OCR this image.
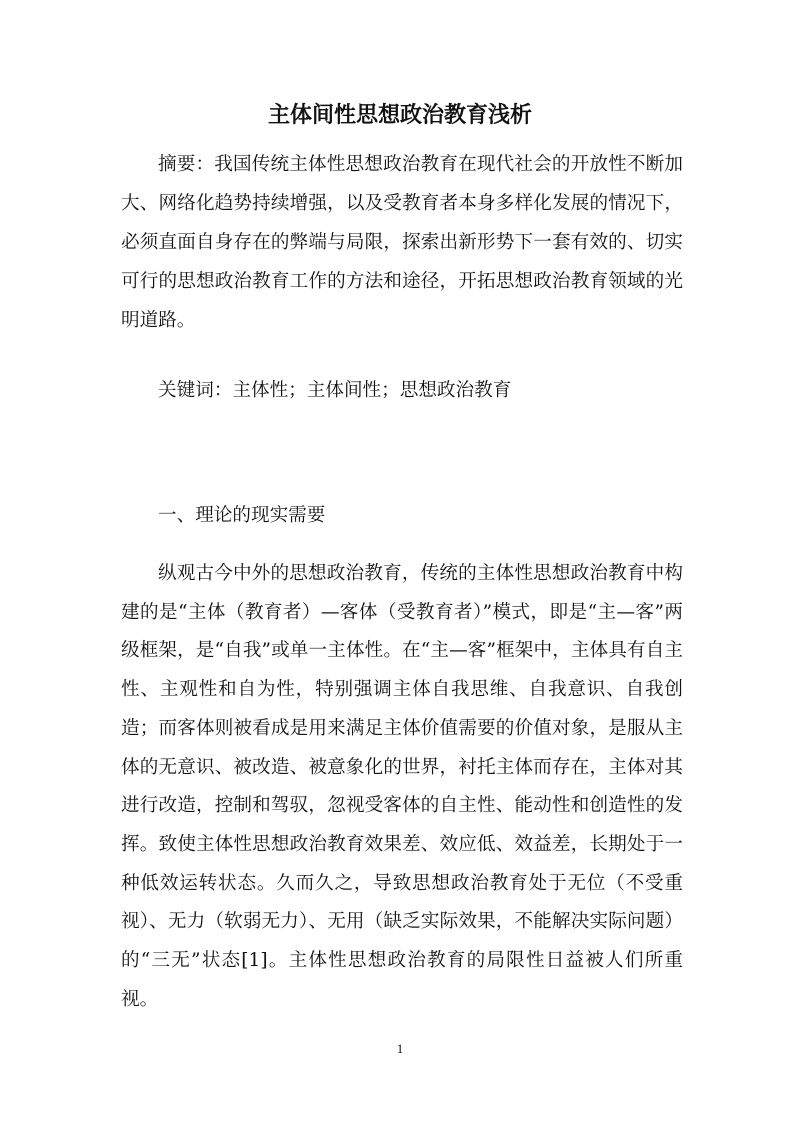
主体间性思想政治教育浅析

摘要：我国传统主体性思想政治教育在现代社会的开放性不断加大、网络化趋势持续增强，以及受教育者本身多样化发展的情况下，必须直面自身存在的弊端与局限，探索出新形势下一套有效的、切实可行的思想政治教育工作的方法和途径，开拓思想政治教育领域的光明道路。

关键词：主体性；主体间性；思想政治教育

一、理论的现实需要

纵观古今中外的思想政治教育，传统的主体性思想政治教育中构建的是“主体（教育者）—客体（受教育者）”模式，即是“主—客”两级框架，是“自我”或单一主体性。在“主—客”框架中，主体具有自主性、主观性和自为性，特别强调主体自我思维、自我意识、自我创造；而客体则被看成是用来满足主体价值需要的价值对象，是服从主体的无意识、被改造、被意象化的世界，衬托主体而存在，主体对其进行改造，控制和驾驭，忽视受客体的自主性、能动性和创造性的发挥。致使主体性思想政治教育效果差、效应低、效益差，长期处于一种低效运转状态。久而久之，导致思想政治教育处于无位（不受重视）、无力（软弱无力）、无用（缺乏实际效果，不能解决实际问题）的“三无”状态[1]。主体性思想政治教育的局限性日益被人们所重视。

1
